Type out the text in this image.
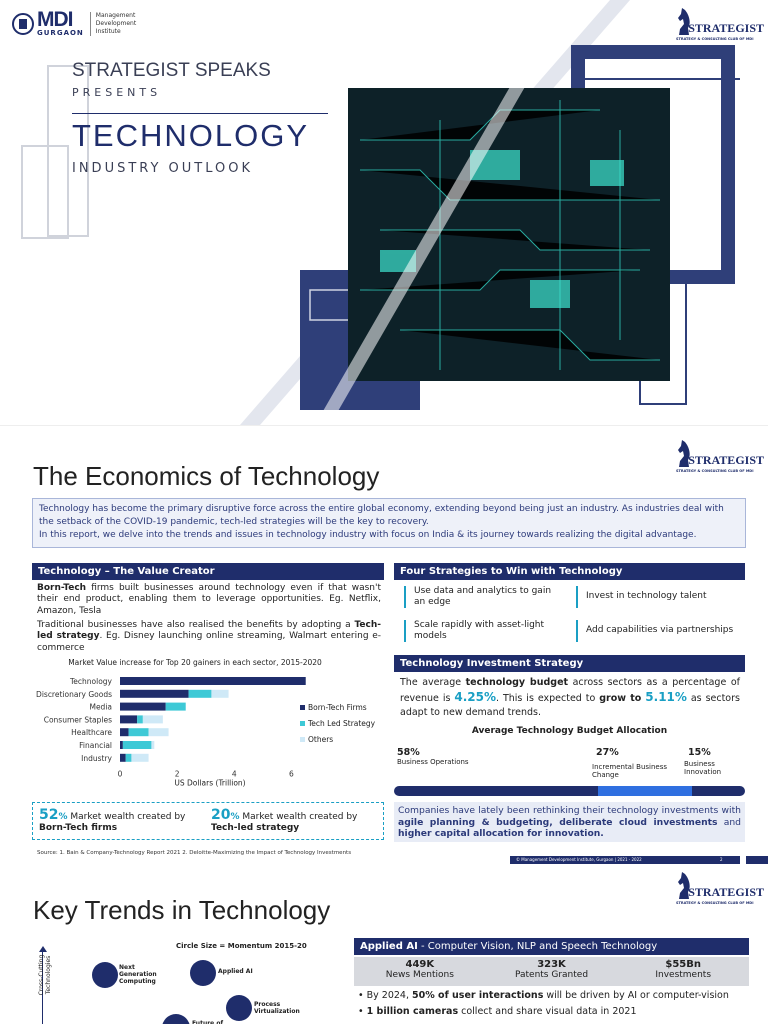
MDI
GURGAON
Management
Development
Institute	STRATEGIST
STRATEGY & CONSULTING CLUB OF MDI
STRATEGIST SPEAKS
PRESENTS
TECHNOLOGY
INDUSTRY OUTLOOK
The Economics of Technology
STRATEGIST
STRATEGY & CONSULTING CLUB OF MDI
Technology has become the primary disruptive force across the entire global economy, extending beyond being just an industry. As industries deal with the setback of the COVID-19 pandemic, tech-led strategies will be the key to recovery.
In this report, we delve into the trends and issues in technology industry with focus on India & its journey towards realizing the digital advantage.
Technology – The Value Creator
Born-Tech firms built businesses around technology even if that wasn't their end product, enabling them to leverage opportunities. Eg. Netflix, Amazon, Tesla
Traditional businesses have also realised the benefits by adopting a Tech-led strategy. Eg. Disney launching online streaming, Walmart entering e-commerce
Market Value increase for Top 20 gainers in each sector, 2015-2020
Technology
Discretionary Goods
Media
Consumer Staples
Healthcare
Financial
Industry
0	2	4	6
US Dollars (Trillion)
Born-Tech Firms
Tech Led Strategy
Others
52% Market wealth created by
Born-Tech firms
20% Market wealth created by
Tech-led strategy
Source: 1. Bain & Company-Technology Report 2021 2. Deloitte-Maximizing the Impact of Technology Investments
Four Strategies to Win with Technology
Use data and analytics to gain an edge
Invest in technology talent
Scale rapidly with asset-light models
Add capabilities via partnerships
Technology Investment Strategy
The average technology budget across sectors as a percentage of revenue is 4.25%. This is expected to grow to 5.11% as sectors adapt to new demand trends.
Average Technology Budget Allocation
58%
Business Operations
27%
Incremental Business Change
15%
Business Innovation
Companies have lately been rethinking their technology investments with agile planning & budgeting, deliberate cloud investments and higher capital allocation for innovation.
© Management Development Institute, Gurgaon | 2021 - 2022	2
STRATEGIST
STRATEGY & CONSULTING CLUB OF MDI
Key Trends in Technology
Circle Size = Momentum 2015-20
Cross-Cutting Technologies	Next Generation Computing
Applied AI
Process Virtualization
Future of
Applied AI - Computer Vision, NLP and Speech Technology
449K
News Mentions
323K
Patents Granted
$55Bn
Investments
• By 2024, 50% of user interactions will be driven by AI or computer-vision
• 1 billion cameras collect and share visual data in 2021
